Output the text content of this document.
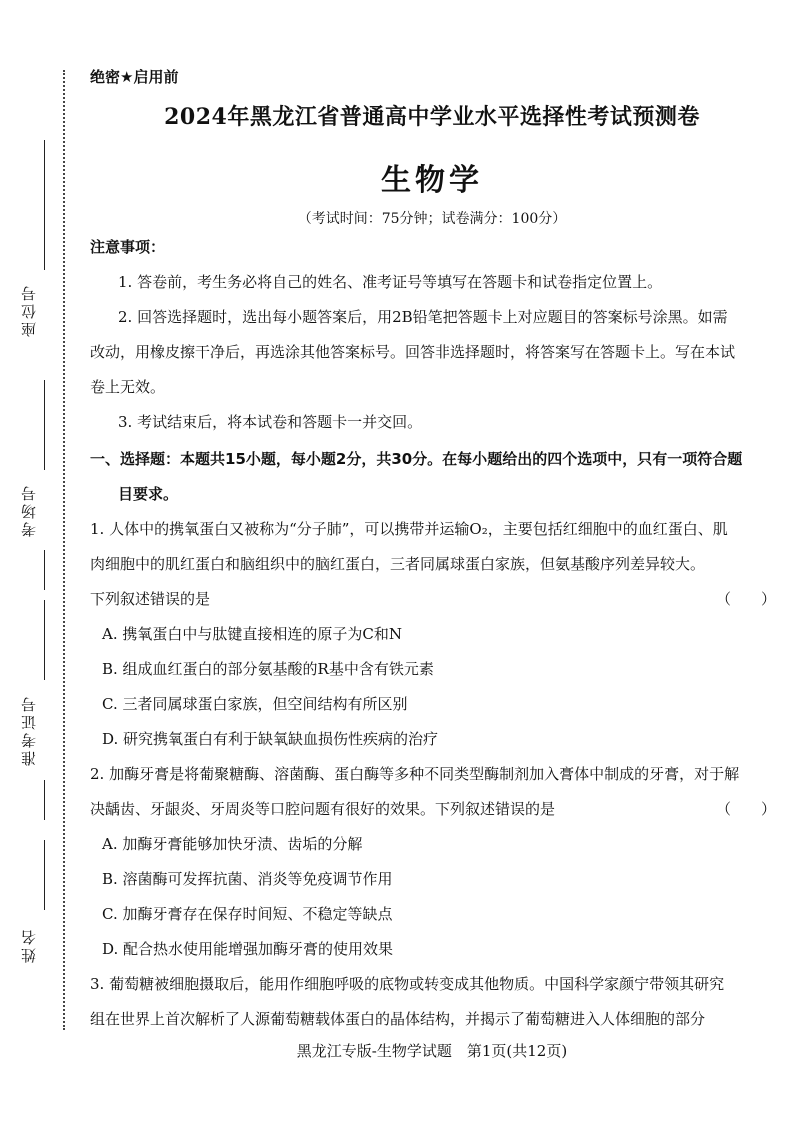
座位号
考场号
准考证号
姓名
绝密★启用前
2024年黑龙江省普通高中学业水平选择性考试预测卷
生物学
（考试时间：75分钟；试卷满分：100分）
注意事项：
1. 答卷前，考生务必将自己的姓名、准考证号等填写在答题卡和试卷指定位置上。
2. 回答选择题时，选出每小题答案后，用2B铅笔把答题卡上对应题目的答案标号涂黑。如需
改动，用橡皮擦干净后，再选涂其他答案标号。回答非选择题时，将答案写在答题卡上。写在本试
卷上无效。
3. 考试结束后，将本试卷和答题卡一并交回。
一、选择题：本题共15小题，每小题2分，共30分。在每小题给出的四个选项中，只有一项符合题
目要求。
1. 人体中的携氧蛋白又被称为“分子肺”，可以携带并运输O₂，主要包括红细胞中的血红蛋白、肌
肉细胞中的肌红蛋白和脑组织中的脑红蛋白，三者同属球蛋白家族，但氨基酸序列差异较大。
下列叙述错误的是	（　　）
A. 携氧蛋白中与肽键直接相连的原子为C和N
B. 组成血红蛋白的部分氨基酸的R基中含有铁元素
C. 三者同属球蛋白家族，但空间结构有所区别
D. 研究携氧蛋白有利于缺氧缺血损伤性疾病的治疗
2. 加酶牙膏是将葡聚糖酶、溶菌酶、蛋白酶等多种不同类型酶制剂加入膏体中制成的牙膏，对于解
决龋齿、牙龈炎、牙周炎等口腔问题有很好的效果。下列叙述错误的是	（　　）
A. 加酶牙膏能够加快牙渍、齿垢的分解
B. 溶菌酶可发挥抗菌、消炎等免疫调节作用
C. 加酶牙膏存在保存时间短、不稳定等缺点
D. 配合热水使用能增强加酶牙膏的使用效果
3. 葡萄糖被细胞摄取后，能用作细胞呼吸的底物或转变成其他物质。中国科学家颜宁带领其研究
组在世界上首次解析了人源葡萄糖载体蛋白的晶体结构，并揭示了葡萄糖进入人体细胞的部分
黑龙江专版-生物学试题　第1页(共12页)
